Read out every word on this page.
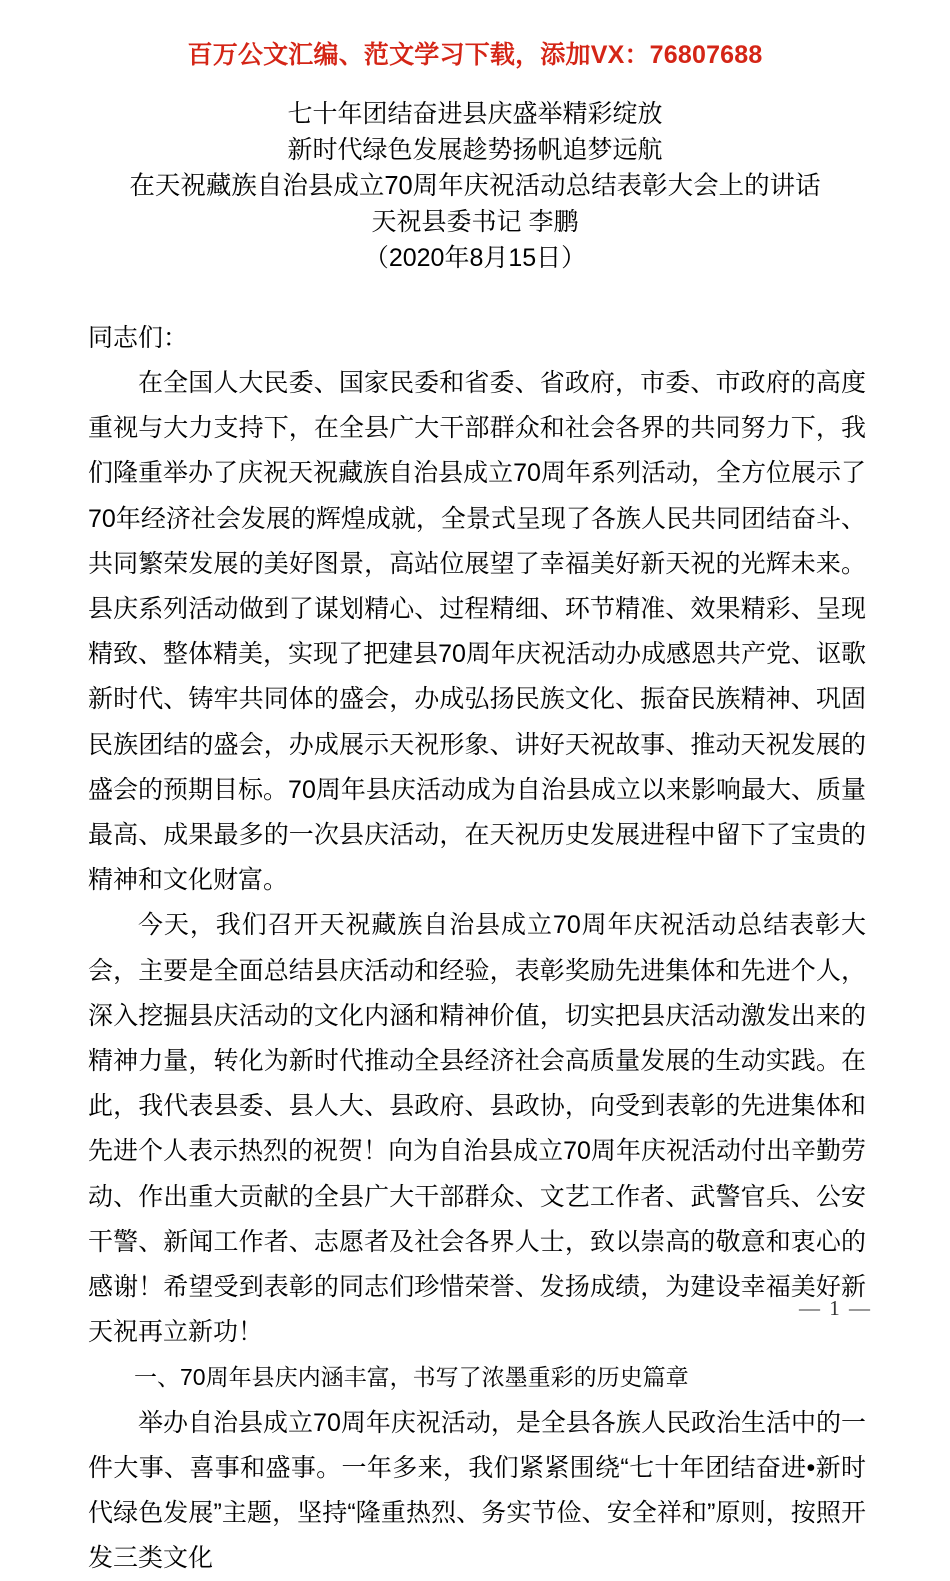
百万公文汇编、范文学习下载，添加VX：76807688
七十年团结奋进县庆盛举精彩绽放
新时代绿色发展趁势扬帆追梦远航
在天祝藏族自治县成立70周年庆祝活动总结表彰大会上的讲话
天祝县委书记 李鹏
（2020年8月15日）

同志们：

在全国人大民委、国家民委和省委、省政府，市委、市政府的高度重视与大力支持下，在全县广大干部群众和社会各界的共同努力下，我们隆重举办了庆祝天祝藏族自治县成立70周年系列活动，全方位展示了70年经济社会发展的辉煌成就，全景式呈现了各族人民共同团结奋斗、共同繁荣发展的美好图景，高站位展望了幸福美好新天祝的光辉未来。县庆系列活动做到了谋划精心、过程精细、环节精准、效果精彩、呈现精致、整体精美，实现了把建县70周年庆祝活动办成感恩共产党、讴歌新时代、铸牢共同体的盛会，办成弘扬民族文化、振奋民族精神、巩固民族团结的盛会，办成展示天祝形象、讲好天祝故事、推动天祝发展的盛会的预期目标。70周年县庆活动成为自治县成立以来影响最大、质量最高、成果最多的一次县庆活动，在天祝历史发展进程中留下了宝贵的精神和文化财富。

今天，我们召开天祝藏族自治县成立70周年庆祝活动总结表彰大会，主要是全面总结县庆活动和经验，表彰奖励先进集体和先进个人，深入挖掘县庆活动的文化内涵和精神价值，切实把县庆活动激发出来的精神力量，转化为新时代推动全县经济社会高质量发展的生动实践。在此，我代表县委、县人大、县政府、县政协，向受到表彰的先进集体和先进个人表示热烈的祝贺！向为自治县成立70周年庆祝活动付出辛勤劳动、作出重大贡献的全县广大干部群众、文艺工作者、武警官兵、公安干警、新闻工作者、志愿者及社会各界人士，致以崇高的敬意和衷心的感谢！希望受到表彰的同志们珍惜荣誉、发扬成绩，为建设幸福美好新天祝再立新功！

一、70周年县庆内涵丰富，书写了浓墨重彩的历史篇章

举办自治县成立70周年庆祝活动，是全县各族人民政治生活中的一件大事、喜事和盛事。一年多来，我们紧紧围绕“七十年团结奋进•新时代绿色发展”主题，坚持“隆重热烈、务实节俭、安全祥和”原则，按照开发三类文化

— 1 —
